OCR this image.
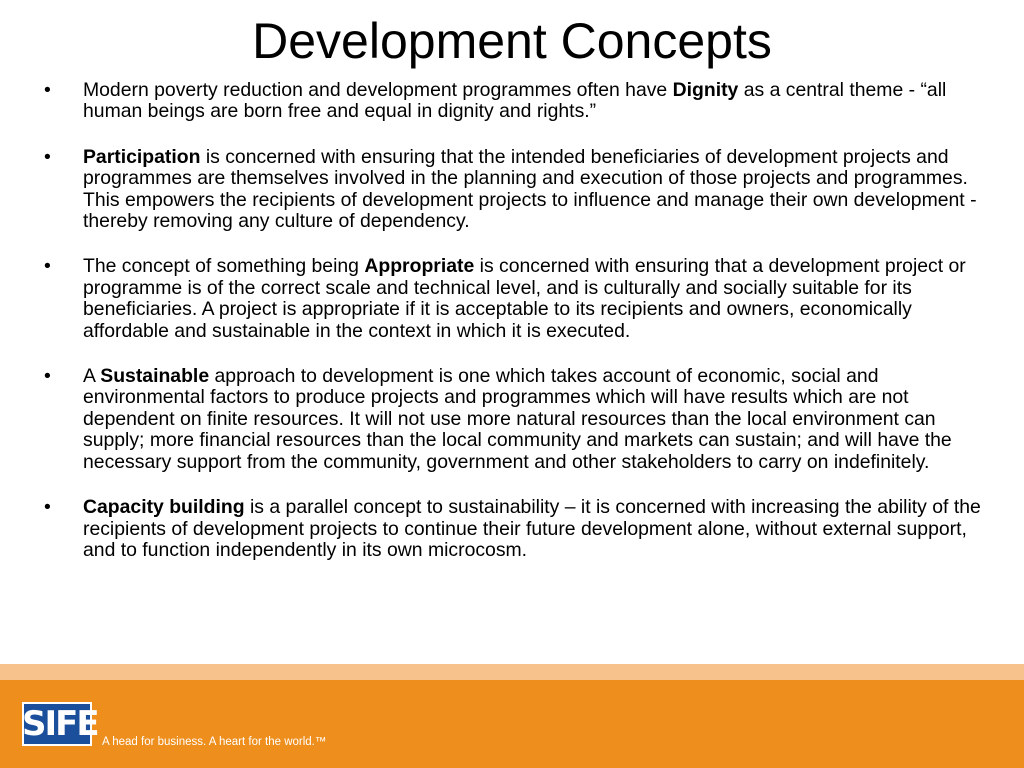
Development Concepts
• Modern poverty reduction and development programmes often have Dignity as a central theme - “all human beings are born free and equal in dignity and rights.”
• Participation is concerned with ensuring that the intended beneficiaries of development projects and programmes are themselves involved in the planning and execution of those projects and programmes. This empowers the recipients of development projects to influence and manage their own development - thereby removing any culture of dependency.
• The concept of something being Appropriate is concerned with ensuring that a development project or programme is of the correct scale and technical level, and is culturally and socially suitable for its beneficiaries. A project is appropriate if it is acceptable to its recipients and owners, economically affordable and sustainable in the context in which it is executed.
• A Sustainable approach to development is one which takes account of economic, social and environmental factors to produce projects and programmes which will have results which are not dependent on finite resources. It will not use more natural resources than the local environment can supply; more financial resources than the local community and markets can sustain; and will have the necessary support from the community, government and other stakeholders to carry on indefinitely.
• Capacity building is a parallel concept to sustainability – it is concerned with increasing the ability of the recipients of development projects to continue their future development alone, without external support, and to function independently in its own microcosm.
SIFE A head for business. A heart for the world.™
